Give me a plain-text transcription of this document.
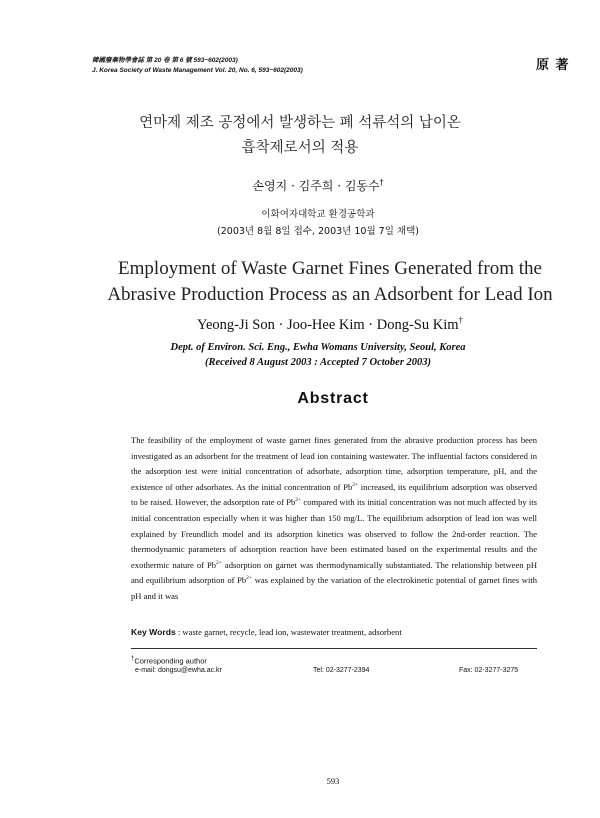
韓國廢棄物學會誌 第 20 卷 第 6 號 593~602(2003)
J. Korea Society of Waste Management Vol. 20, No. 6, 593~602(2003)	原 著
연마제 제조 공정에서 발생하는 폐 석류석의 납이온
흡착제로서의 적용
손영지 · 김주희 · 김동수†
이화여자대학교 환경공학과
(2003년 8월 8일 접수, 2003년 10월 7일 채택)
Employment of Waste Garnet Fines Generated from the
Abrasive Production Process as an Adsorbent for Lead Ion
Yeong-Ji Son · Joo-Hee Kim · Dong-Su Kim†
Dept. of Environ. Sci. Eng., Ewha Womans University, Seoul, Korea
(Received 8 August 2003 : Accepted 7 October 2003)
Abstract
The feasibility of the employment of waste garnet fines generated from the abrasive production process has been investigated as an adsorbent for the treatment of lead ion containing wastewater. The influential factors considered in the adsorption test were initial concentration of adsorbate, adsorption time, adsorption temperature, pH, and the existence of other adsorbates. As the initial concentration of $Pb^{2+}$ increased, its equilibrium adsorption was observed to be raised. However, the adsorption rate of $Pb^{2+}$ compared with its initial concentration was not much affected by its initial concentration especially when it was higher than 150 mg/L. The equilibrium adsorption of lead ion was well explained by Freundlich model and its adsorption kinetics was observed to follow the 2nd-order reaction. The thermodynamic parameters of adsorption reaction have been estimated based on the experimental results and the exothermic nature of $Pb^{2+}$ adsorption on garnet was thermodynamically substantiated. The relationship between pH and equilibrium adsorption of $Pb^{2+}$ was explained by the variation of the electrokinetic potential of garnet fines with pH and it was
Key Words : waste garnet, recycle, lead ion, wastewater treatment, adsorbent
†Corresponding author
e-mail: dongsu@ewha.ac.kr	Tel: 02-3277-2394	Fax: 02-3277-3275
593
